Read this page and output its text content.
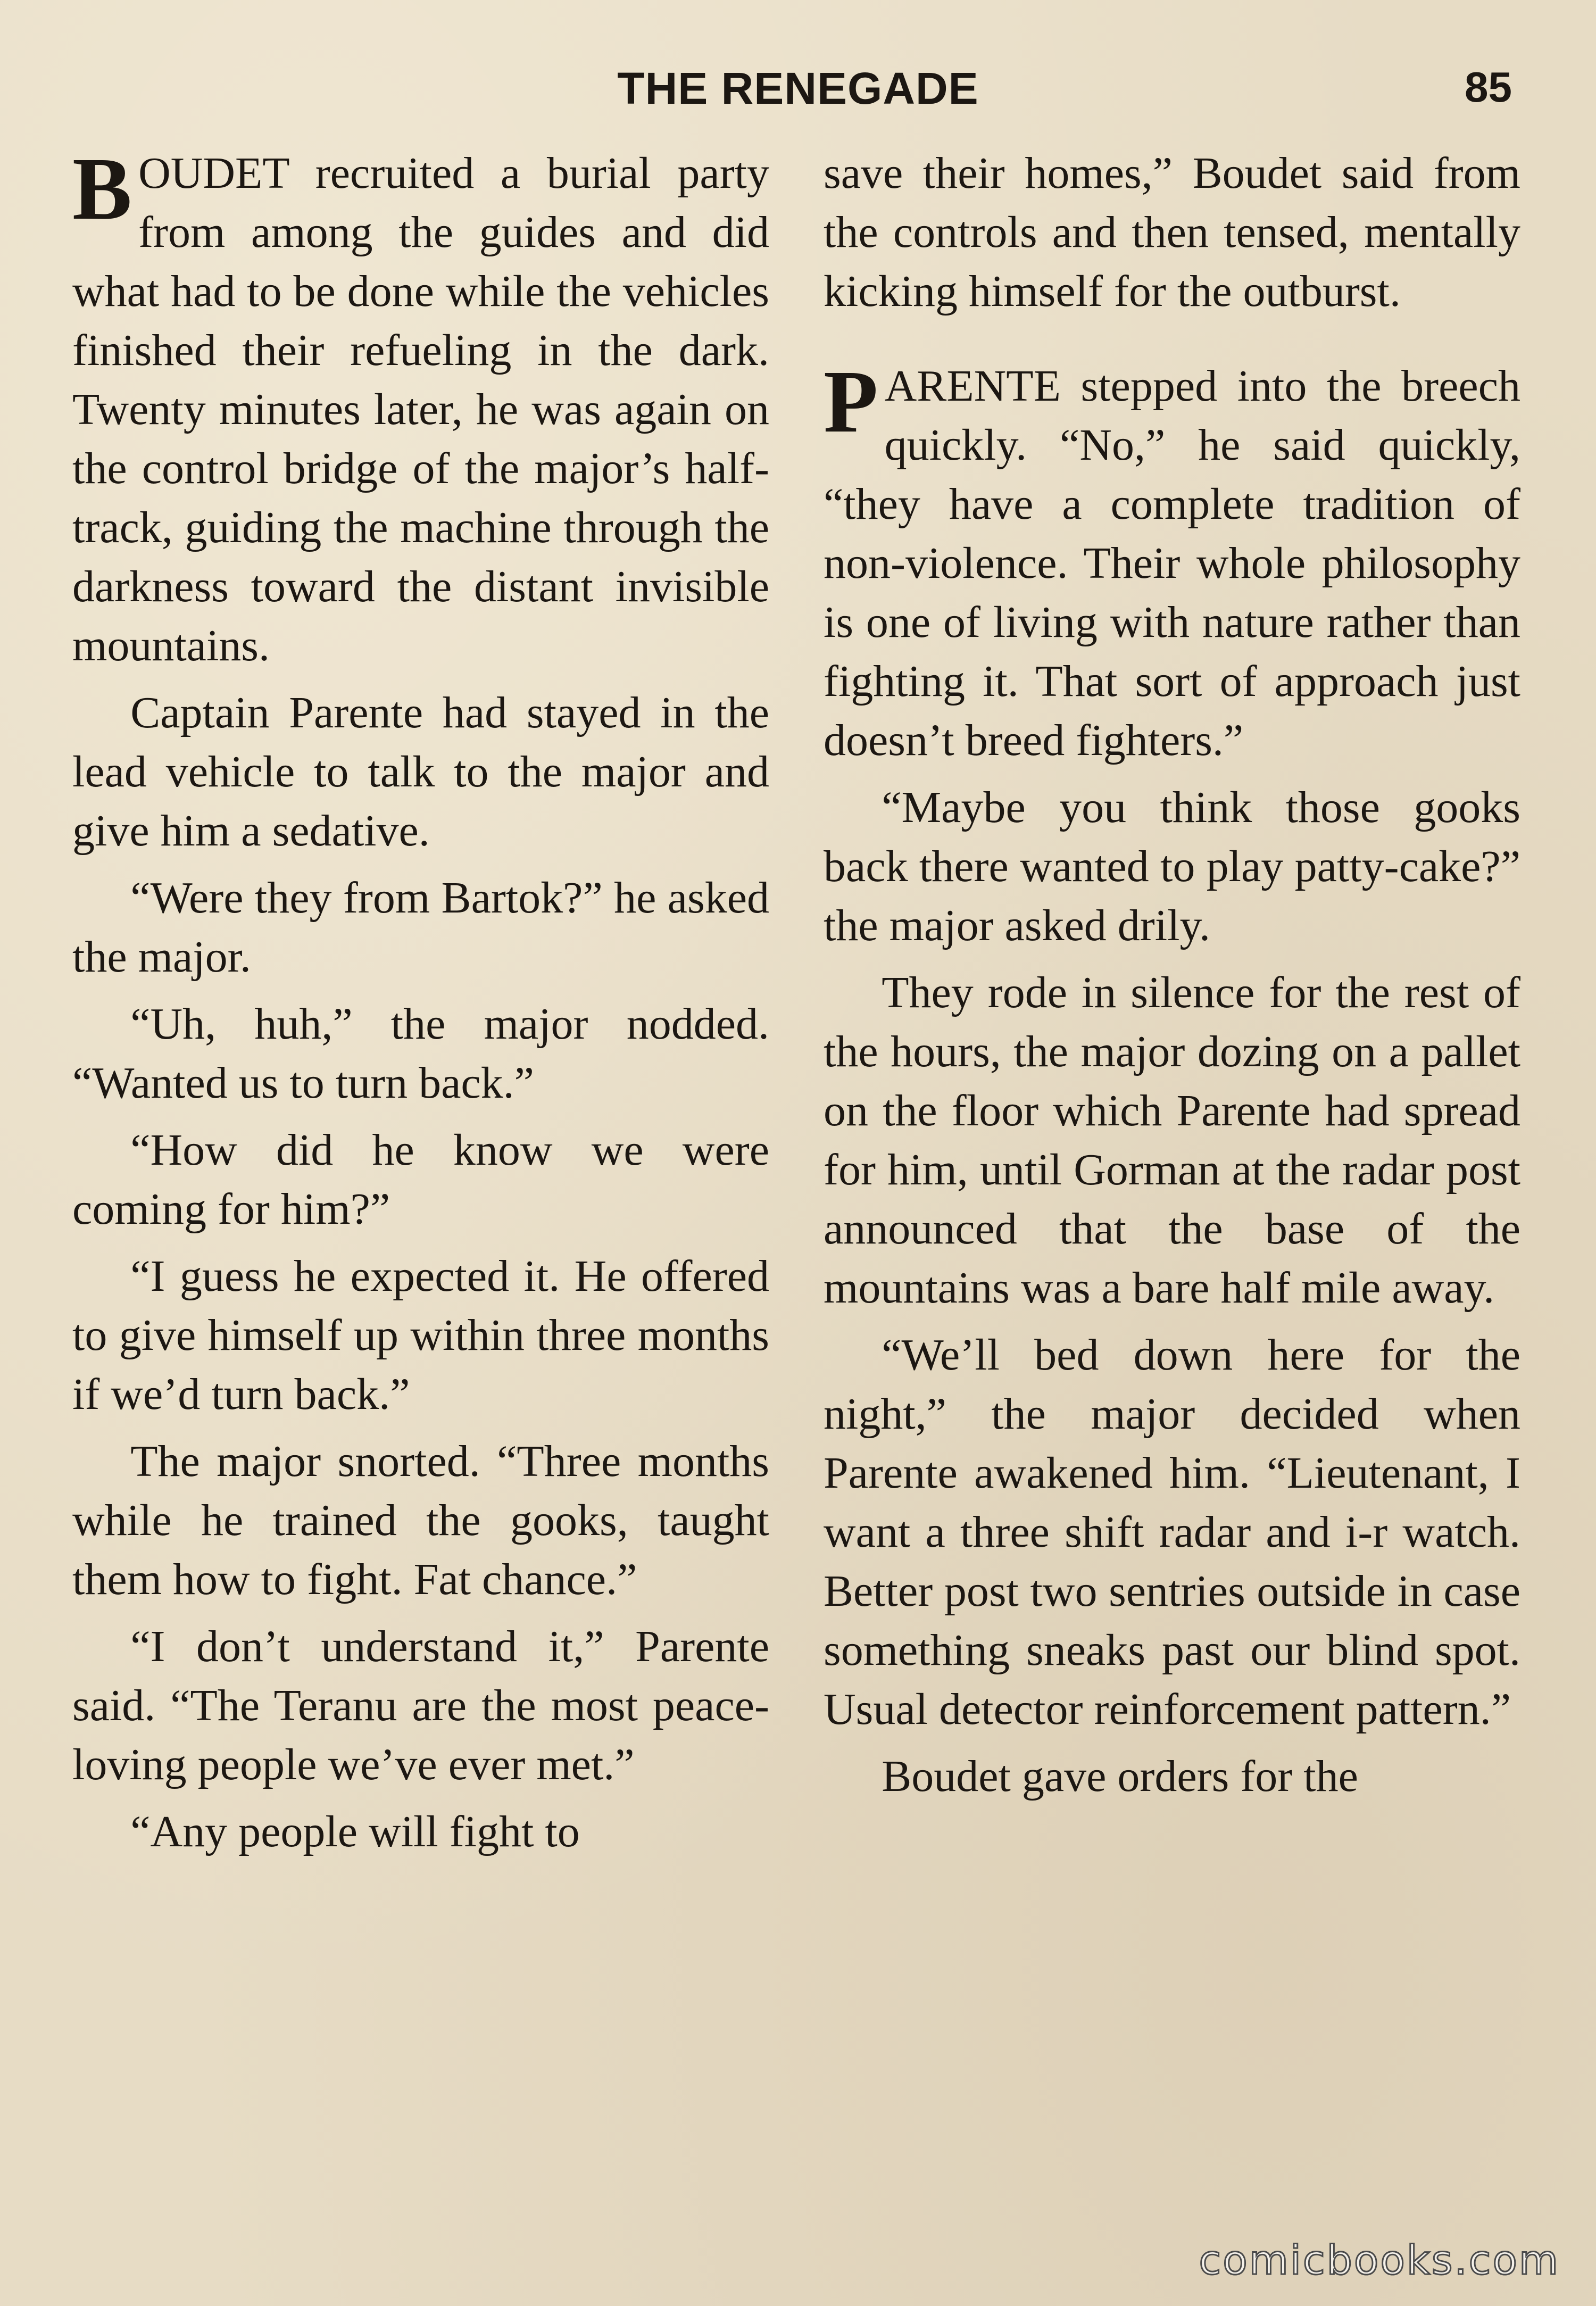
THE RENEGADE	85

BOUDET recruited a burial party from among the guides and did what had to be done while the vehicles finished their refueling in the dark. Twenty minutes later, he was again on the control bridge of the major’s half-track, guiding the machine through the darkness toward the distant invisible mountains.

Captain Parente had stayed in the lead vehicle to talk to the major and give him a sedative.

“Were they from Bartok?” he asked the major.

“Uh, huh,” the major nodded. “Wanted us to turn back.”

“How did he know we were coming for him?”

“I guess he expected it. He offered to give himself up within three months if we’d turn back.”

The major snorted. “Three months while he trained the gooks, taught them how to fight. Fat chance.”

“I don’t understand it,” Parente said. “The Teranu are the most peace-loving people we’ve ever met.”

“Any people will fight to

save their homes,” Boudet said from the controls and then tensed, mentally kicking himself for the outburst.

PARENTE stepped into the breech quickly. “No,” he said quickly, “they have a complete tradition of non-violence. Their whole philosophy is one of living with nature rather than fighting it. That sort of approach just doesn’t breed fighters.”

“Maybe you think those gooks back there wanted to play patty-cake?” the major asked drily.

They rode in silence for the rest of the hours, the major dozing on a pallet on the floor which Parente had spread for him, until Gorman at the radar post announced that the base of the mountains was a bare half mile away.

“We’ll bed down here for the night,” the major decided when Parente awakened him. “Lieutenant, I want a three shift radar and i-r watch. Better post two sentries outside in case something sneaks past our blind spot. Usual detector reinforcement pattern.”

Boudet gave orders for the

comicbooks.com
